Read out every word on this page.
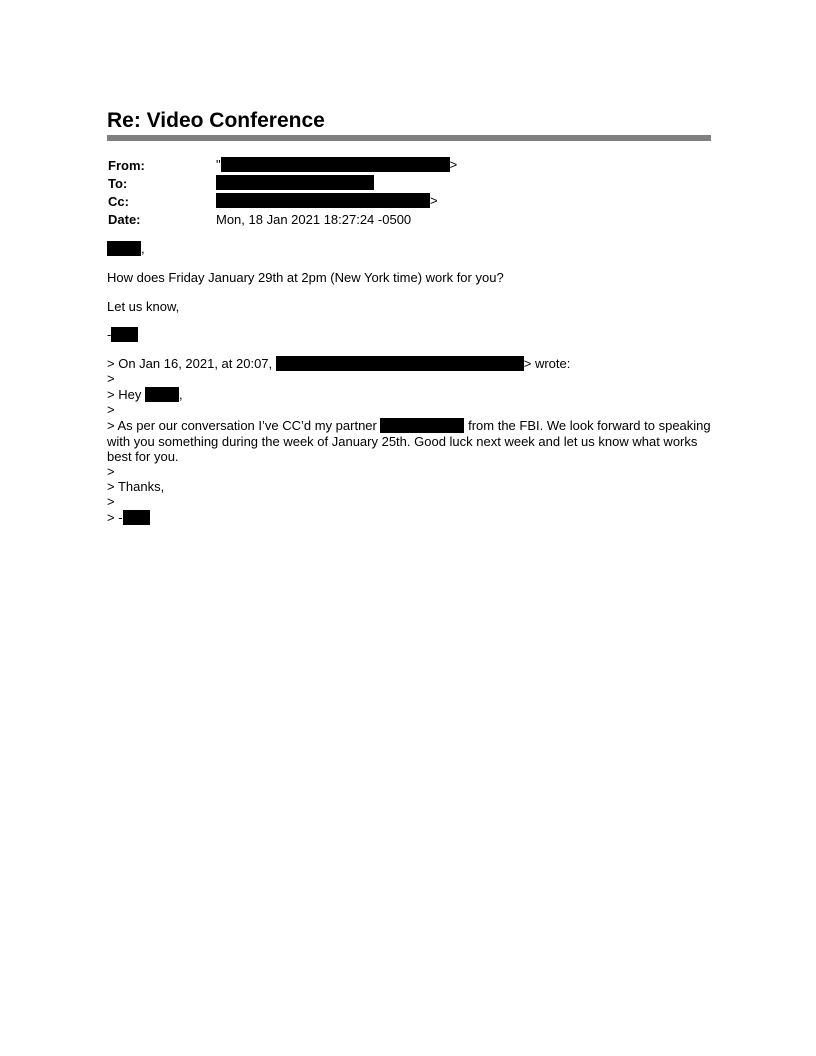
Re: Video Conference
From:	"	>
To:
Cc:	>
Date:	Mon, 18 Jan 2021 18:27:24 -0500
,

How does Friday January 29th at 2pm (New York time) work for you?

Let us know,

-
> On Jan 16, 2021, at 20:07,	> wrote:

>

> Hey	,

>

> As per our conversation I’ve CC’d my partner	from the FBI. We look forward to speaking with you something during the week of January 25th. Good luck next week and let us know what works best for you.

>

> Thanks,

>

> -
